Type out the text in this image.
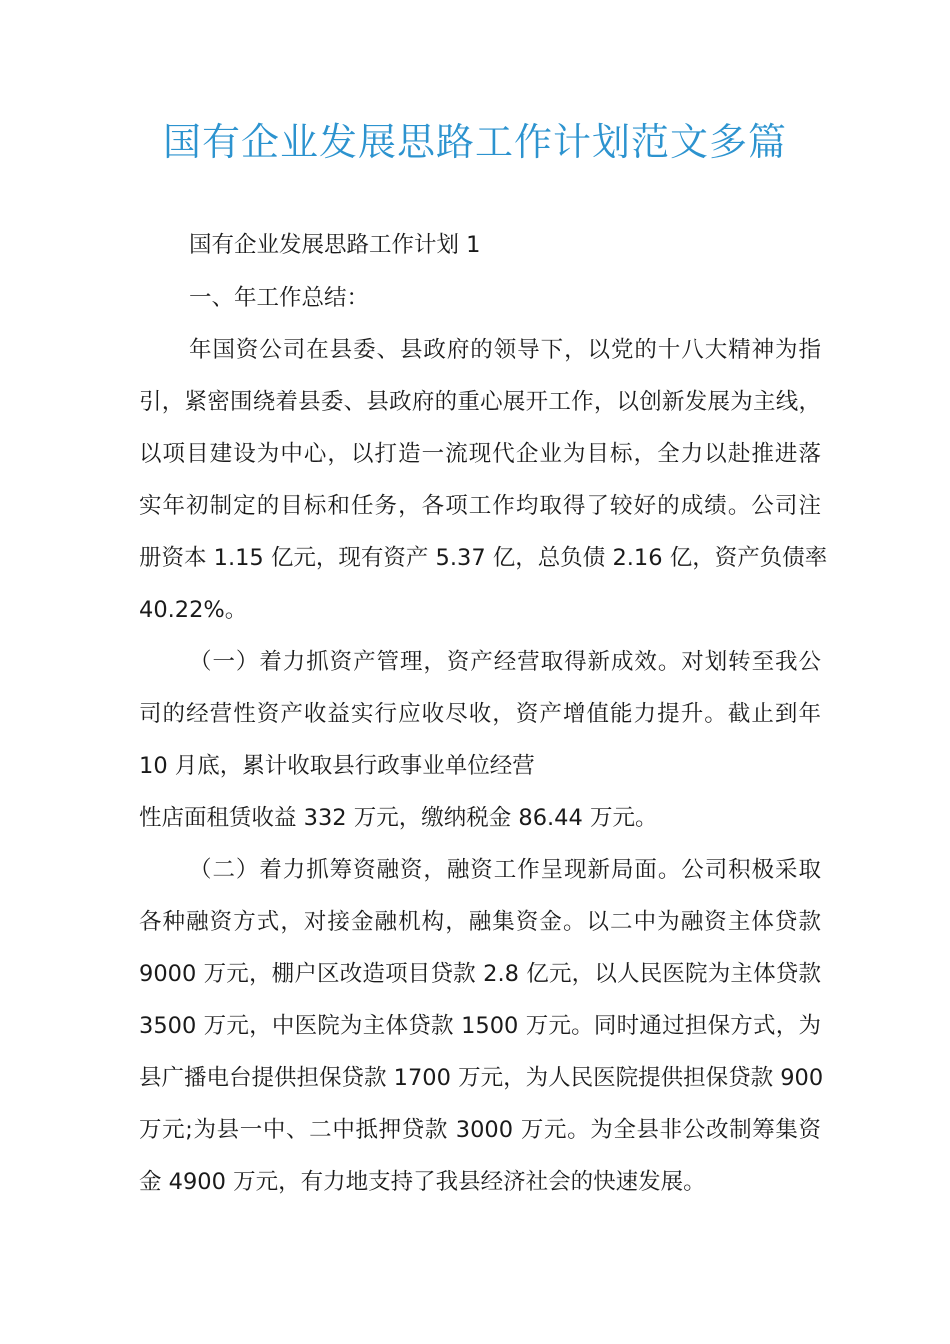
国有企业发展思路工作计划范文多篇
国有企业发展思路工作计划 1
一、年工作总结：
年国资公司在县委、县政府的领导下，以党的十八大精神为指
引，紧密围绕着县委、县政府的重心展开工作，以创新发展为主线，
以项目建设为中心，以打造一流现代企业为目标，全力以赴推进落
实年初制定的目标和任务，各项工作均取得了较好的成绩。公司注
册资本 1.15 亿元，现有资产 5.37 亿，总负债 2.16 亿，资产负债率
40.22%。
（一）着力抓资产管理，资产经营取得新成效。对划转至我公
司的经营性资产收益实行应收尽收，资产增值能力提升。截止到年
10 月底，累计收取县行政事业单位经营
性店面租赁收益 332 万元，缴纳税金 86.44 万元。
（二）着力抓筹资融资，融资工作呈现新局面。公司积极采取
各种融资方式，对接金融机构，融集资金。以二中为融资主体贷款
9000 万元，棚户区改造项目贷款 2.8 亿元，以人民医院为主体贷款
3500 万元，中医院为主体贷款 1500 万元。同时通过担保方式，为
县广播电台提供担保贷款 1700 万元，为人民医院提供担保贷款 900
万元;为县一中、二中抵押贷款 3000 万元。为全县非公改制筹集资
金 4900 万元，有力地支持了我县经济社会的快速发展。
